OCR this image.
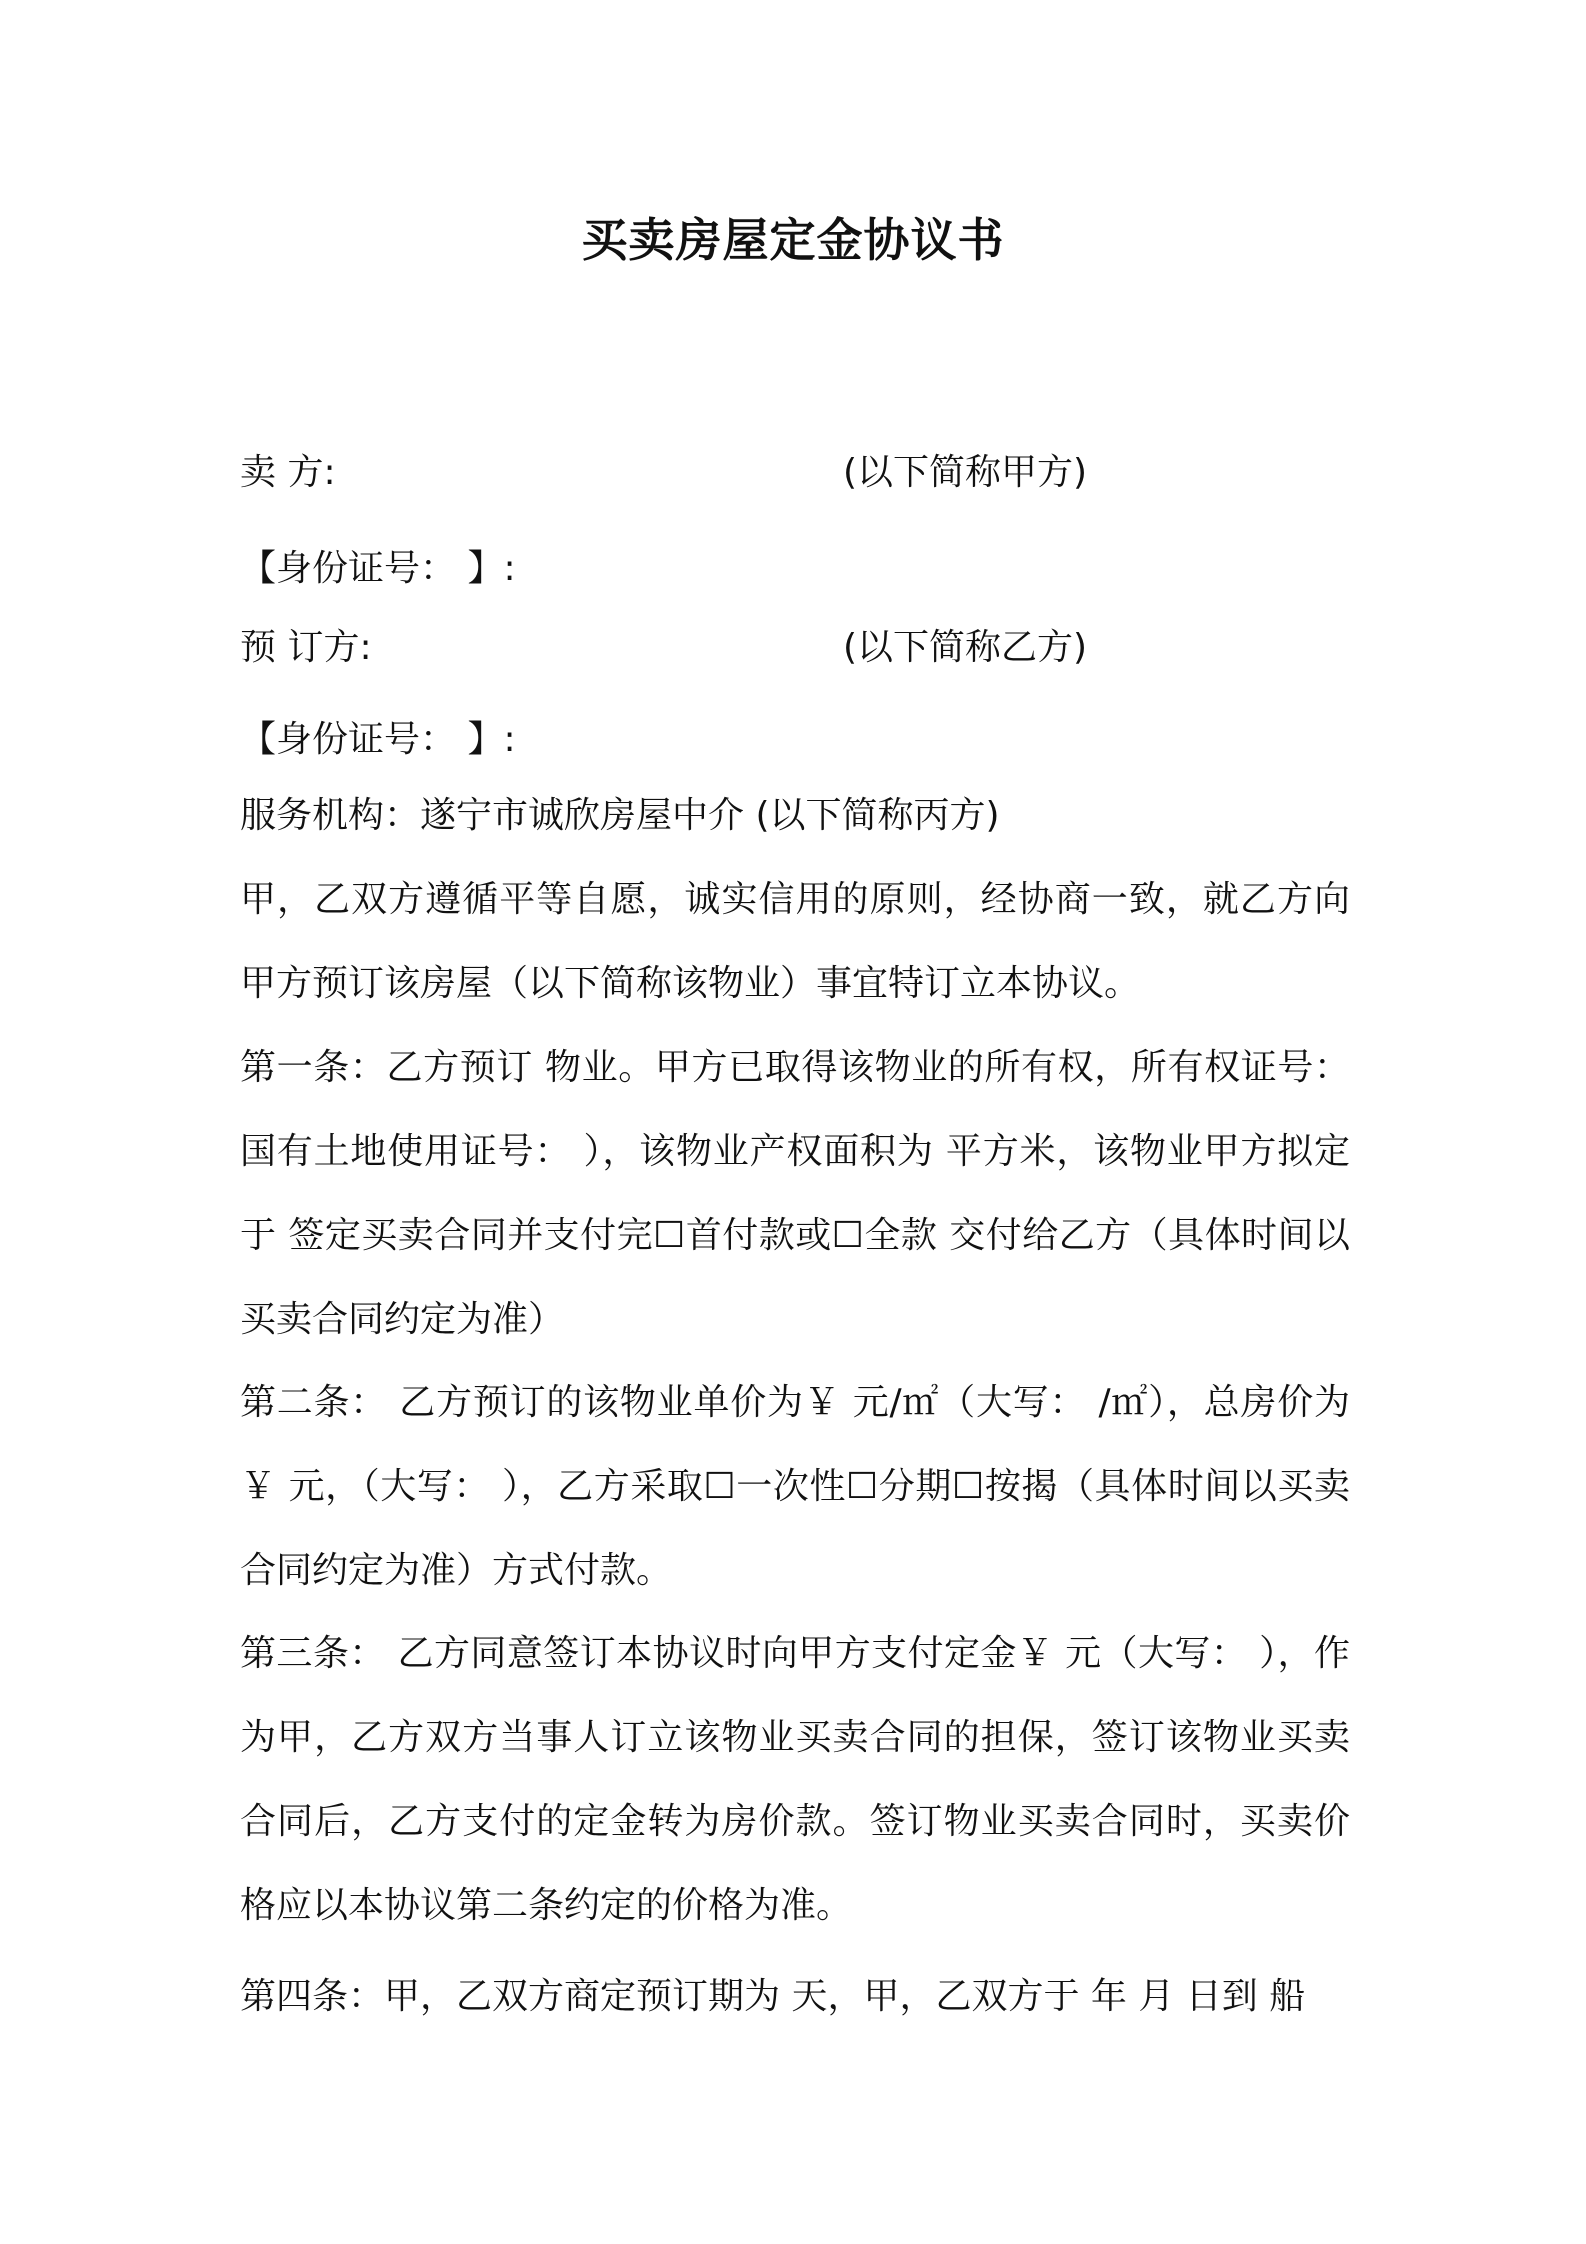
买卖房屋定金协议书

卖 方:	(以下简称甲方)

【身份证号： 】:

预 订方:	(以下简称乙方)

【身份证号： 】:

服务机构：遂宁市诚欣房屋中介 (以下简称丙方)

甲，乙双方遵循平等自愿，诚实信用的原则，经协商一致，就乙方向甲方预订该房屋（以下简称该物业）事宜特订立本协议。

第一条：乙方预订 物业。甲方已取得该物业的所有权，所有权证号：国有土地使用证号： ），该物业产权面积为 平方米，该物业甲方拟定于 签定买卖合同并支付完☐首付款或☐全款 交付给乙方（具体时间以买卖合同约定为准）

第二条： 乙方预订的该物业单价为￥ 元/㎡（大写： /㎡），总房价为￥ 元，（大写： ），乙方采取☐一次性☐分期☐按揭（具体时间以买卖合同约定为准）方式付款。

第三条： 乙方同意签订本协议时向甲方支付定金￥ 元（大写： ），作为甲，乙方双方当事人订立该物业买卖合同的担保，签订该物业买卖合同后，乙方支付的定金转为房价款。签订物业买卖合同时，买卖价格应以本协议第二条约定的价格为准。

第四条：甲，乙双方商定预订期为 天，甲，乙双方于 年 月 日到 船
